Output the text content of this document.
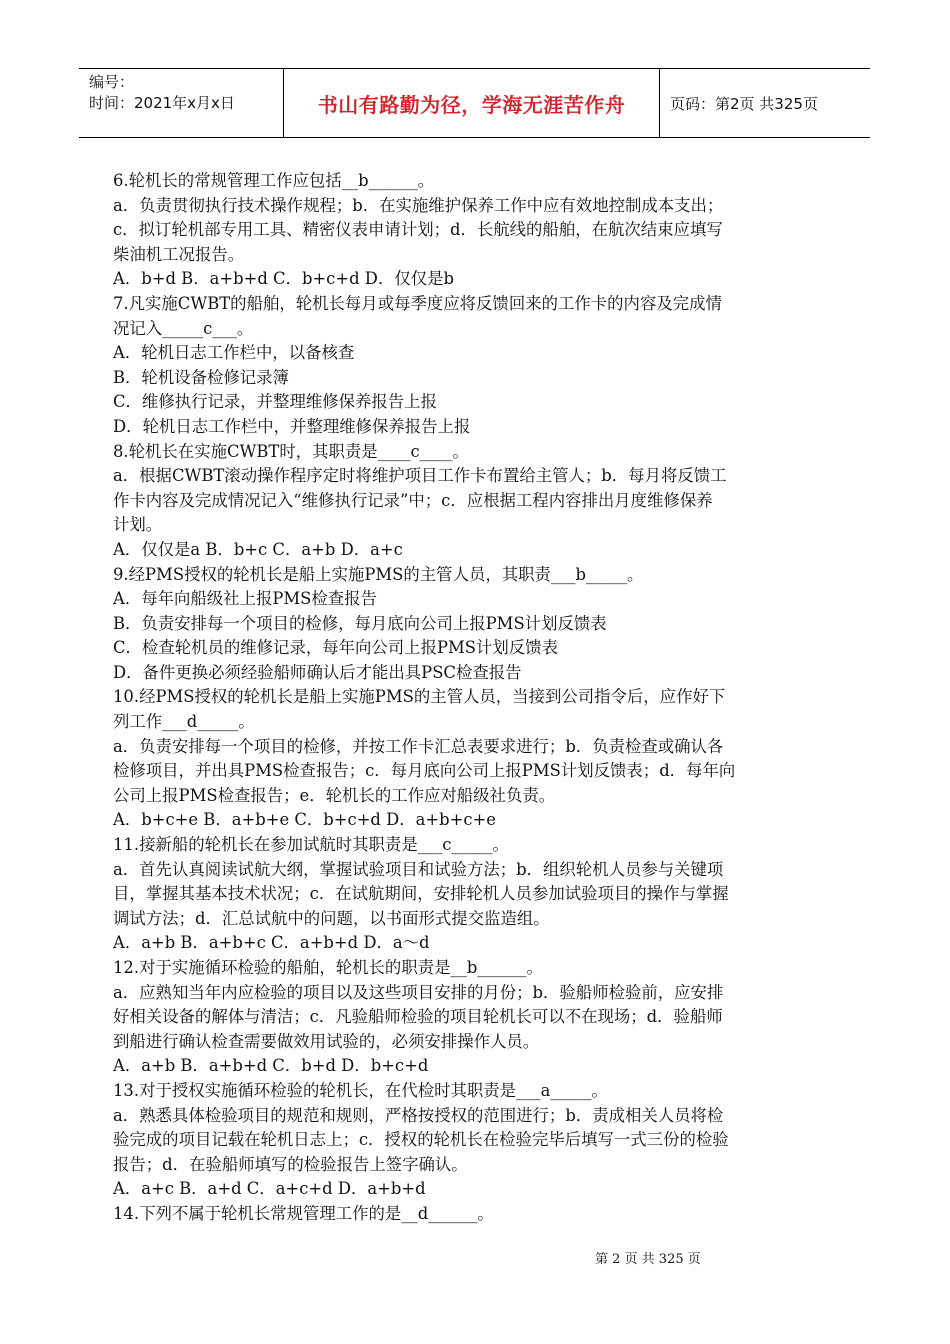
编号：
时间：2021年x月x日	书山有路勤为径，学海无涯苦作舟	页码：第2页 共325页
6.轮机长的常规管理工作应包括__b______。
a．负责贯彻执行技术操作规程；b．在实施维护保养工作中应有效地控制成本支出；
c．拟订轮机部专用工具、精密仪表申请计划；d．长航线的船舶，在航次结束应填写
柴油机工况报告。
A．b+d B．a+b+d C．b+c+d D．仅仅是b
7.凡实施CWBT的船舶，轮机长每月或每季度应将反馈回来的工作卡的内容及完成情
况记入_____c___。
A．轮机日志工作栏中，以备核查
B．轮机设备检修记录簿
C．维修执行记录，并整理维修保养报告上报
D．轮机日志工作栏中，并整理维修保养报告上报
8.轮机长在实施CWBT时，其职责是____c____。
a．根据CWBT滚动操作程序定时将维护项目工作卡布置给主管人；b．每月将反馈工
作卡内容及完成情况记入“维修执行记录”中；c．应根据工程内容排出月度维修保养
计划。
A．仅仅是a B．b+c C．a+b D．a+c
9.经PMS授权的轮机长是船上实施PMS的主管人员，其职责___b_____。
A．每年向船级社上报PMS检查报告
B．负责安排每一个项目的检修，每月底向公司上报PMS计划反馈表
C．检查轮机员的维修记录，每年向公司上报PMS计划反馈表
D．备件更换必须经验船师确认后才能出具PSC检查报告
10.经PMS授权的轮机长是船上实施PMS的主管人员，当接到公司指令后，应作好下
列工作___d_____。
a．负责安排每一个项目的检修，并按工作卡汇总表要求进行；b．负责检查或确认各
检修项目，并出具PMS检查报告；c．每月底向公司上报PMS计划反馈表；d．每年向
公司上报PMS检查报告；e．轮机长的工作应对船级社负责。
A．b+c+e B．a+b+e C．b+c+d D．a+b+c+e
11.接新船的轮机长在参加试航时其职责是___c_____。
a．首先认真阅读试航大纲，掌握试验项目和试验方法；b．组织轮机人员参与关键项
目，掌握其基本技术状况；c．在试航期间，安排轮机人员参加试验项目的操作与掌握
调试方法；d．汇总试航中的问题，以书面形式提交监造组。
A．a+b B．a+b+c C．a+b+d D．a～d
12.对于实施循环检验的船舶，轮机长的职责是__b______。
a．应熟知当年内应检验的项目以及这些项目安排的月份；b．验船师检验前，应安排
好相关设备的解体与清洁；c．凡验船师检验的项目轮机长可以不在现场；d．验船师
到船进行确认检查需要做效用试验的，必须安排操作人员。
A．a+b B．a+b+d C．b+d D．b+c+d
13.对于授权实施循环检验的轮机长，在代检时其职责是___a_____。
a．熟悉具体检验项目的规范和规则，严格按授权的范围进行；b．责成相关人员将检
验完成的项目记载在轮机日志上；c．授权的轮机长在检验完毕后填写一式三份的检验
报告；d．在验船师填写的检验报告上签字确认。
A．a+c B．a+d C．a+c+d D．a+b+d
14.下列不属于轮机长常规管理工作的是__d______。
第 2 页 共 325 页
